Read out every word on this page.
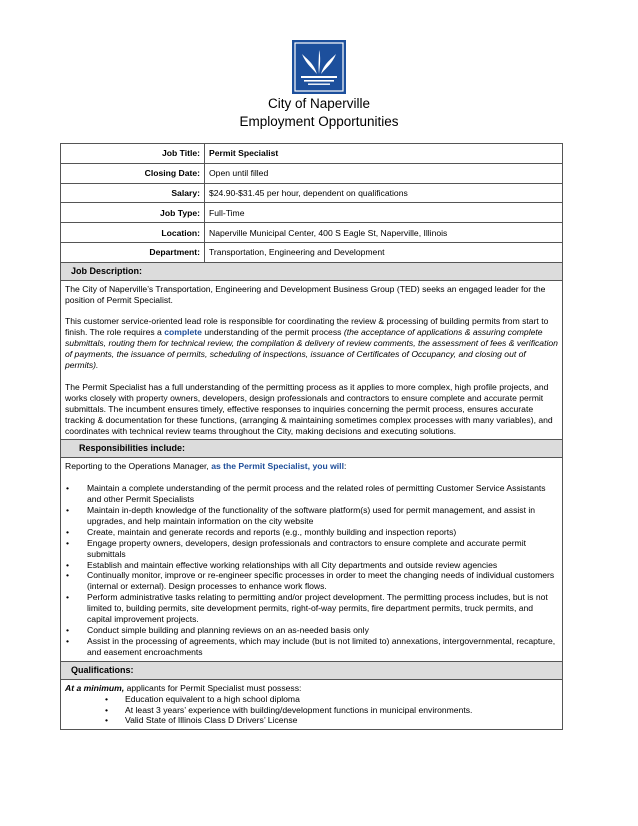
City of Naperville
Employment Opportunities
Job Title:	Permit Specialist
Closing Date:	Open until filled
Salary:	$24.90-$31.45 per hour, dependent on qualifications
Job Type:	Full-Time
Location:	Naperville Municipal Center, 400 S Eagle St, Naperville, Illinois
Department:	Transportation, Engineering and Development
Job Description:

The City of Naperville’s Transportation, Engineering and Development Business Group (TED) seeks an engaged leader for the position of Permit Specialist.

This customer service-oriented lead role is responsible for coordinating the review & processing of building permits from start to finish. The role requires a complete understanding of the permit process (the acceptance of applications & assuring complete submittals, routing them for technical review, the compilation & delivery of review comments, the assessment of fees & verification of payments, the issuance of permits, scheduling of inspections, issuance of Certificates of Occupancy, and closing out of permits).

The Permit Specialist has a full understanding of the permitting process as it applies to more complex, high profile projects, and works closely with property owners, developers, design professionals and contractors to ensure complete and accurate permit submittals. The incumbent ensures timely, effective responses to inquiries concerning the permit process, ensures accurate tracking & documentation for these functions, (arranging & maintaining sometimes complex processes with many variables), and coordinates with technical review teams throughout the City, making decisions and executing solutions.

Responsibilities include:
Reporting to the Operations Manager, as the Permit Specialist, you will:
• Maintain a complete understanding of the permit process and the related roles of permitting Customer Service Assistants and other Permit Specialists
• Maintain in-depth knowledge of the functionality of the software platform(s) used for permit management, and assist in upgrades, and help maintain information on the city website
• Create, maintain and generate records and reports (e.g., monthly building and inspection reports)
• Engage property owners, developers, design professionals and contractors to ensure complete and accurate permit submittals
• Establish and maintain effective working relationships with all City departments and outside review agencies
• Continually monitor, improve or re-engineer specific processes in order to meet the changing needs of individual customers (internal or external). Design processes to enhance work flows.
• Perform administrative tasks relating to permitting and/or project development. The permitting process includes, but is not limited to, building permits, site development permits, right-of-way permits, fire department permits, truck permits, and capital improvement projects.
• Conduct simple building and planning reviews on an as-needed basis only
• Assist in the processing of agreements, which may include (but is not limited to) annexations, intergovernmental, recapture, and easement encroachments
Qualifications:
At a minimum, applicants for Permit Specialist must possess:
• Education equivalent to a high school diploma
• At least 3 years’ experience with building/development functions in municipal environments.
• Valid State of Illinois Class D Drivers’ License
